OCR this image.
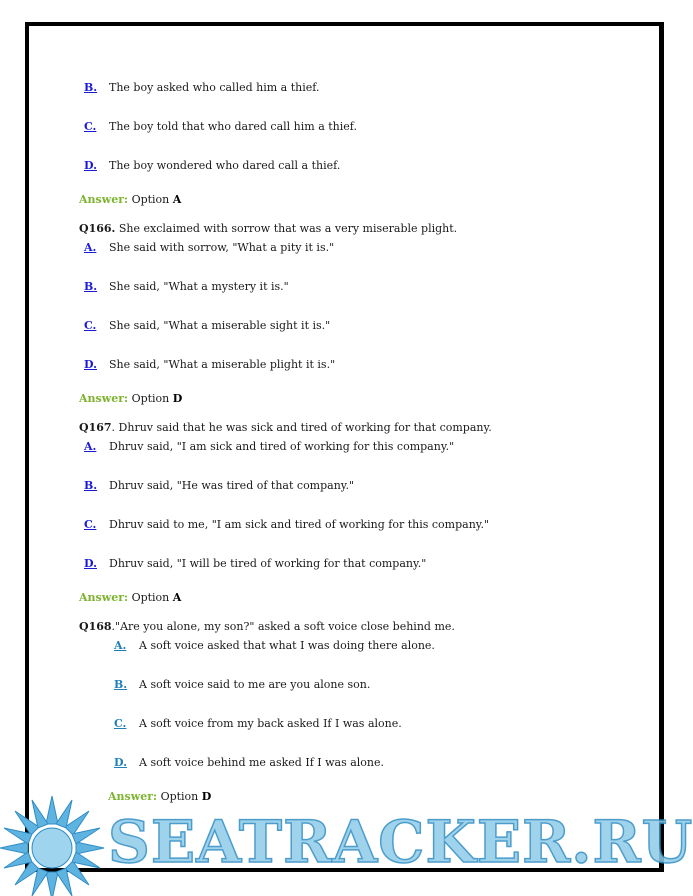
B. The boy asked who called him a thief.
C. The boy told that who dared call him a thief.
D. The boy wondered who dared call a thief.
Answer: Option A
Q166. She exclaimed with sorrow that was a very miserable plight.
A. She said with sorrow, "What a pity it is."
B. She said, "What a mystery it is."
C. She said, "What a miserable sight it is."
D. She said, "What a miserable plight it is."
Answer: Option D
Q167. Dhruv said that he was sick and tired of working for that company.
A. Dhruv said, "I am sick and tired of working for this company."
B. Dhruv said, "He was tired of that company."
C. Dhruv said to me, "I am sick and tired of working for this company."
D. Dhruv said, "I will be tired of working for that company."
Answer: Option A
Q168."Are you alone, my son?" asked a soft voice close behind me.
A. A soft voice asked that what I was doing there alone.
B. A soft voice said to me are you alone son.
C. A soft voice from my back asked If I was alone.
D. A soft voice behind me asked If I was alone.
Answer: Option D
SEATRACKER.RU
